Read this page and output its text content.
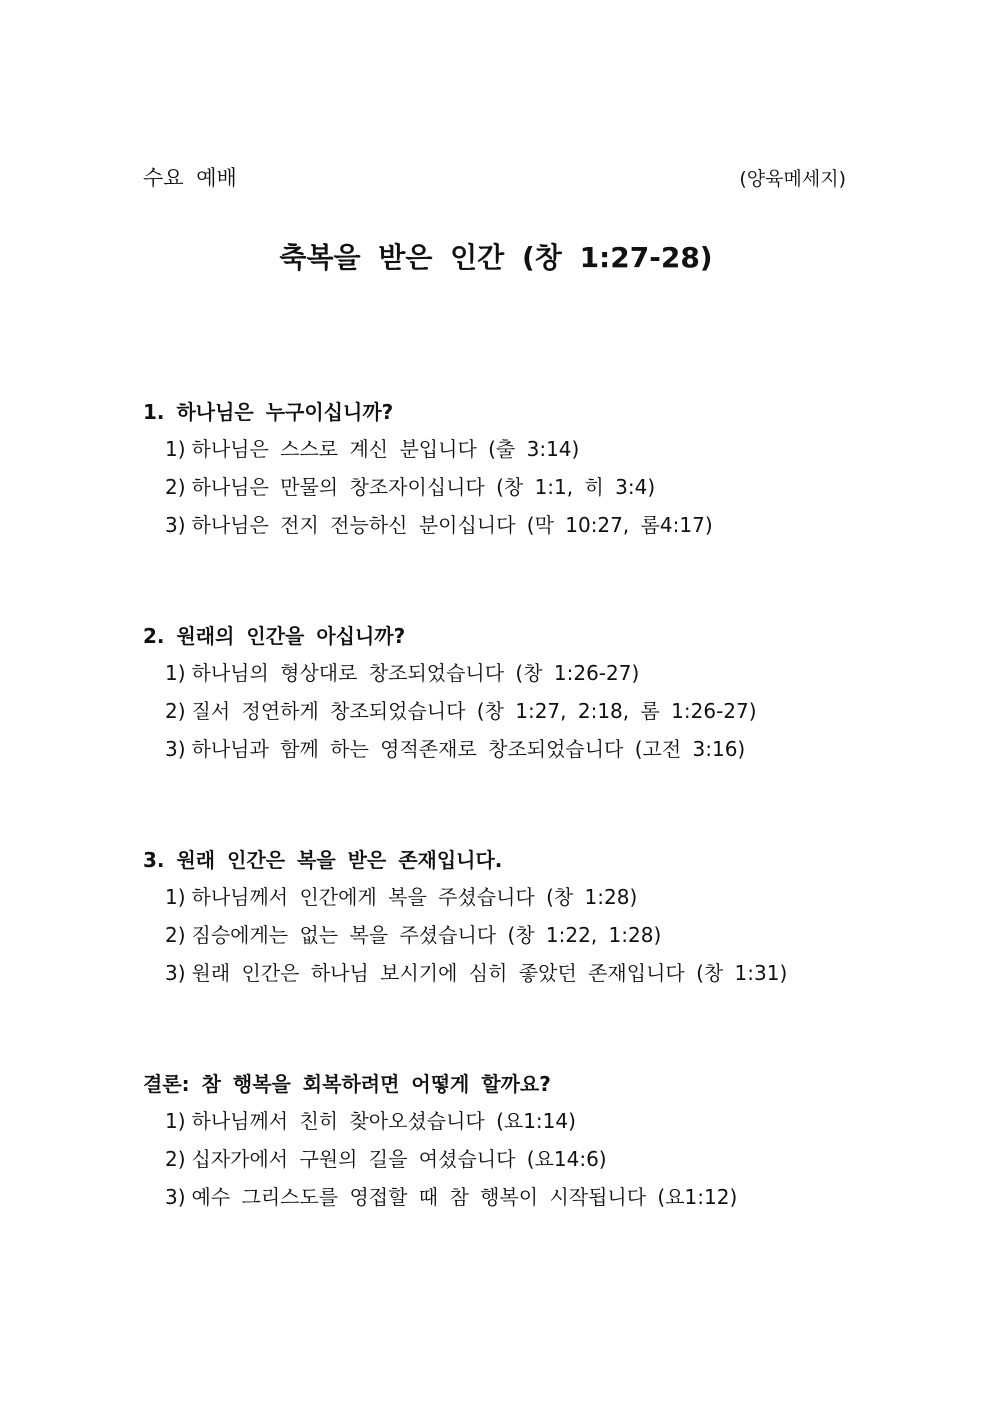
수요 예배	(양육메세지)
축복을 받은 인간 (창 1:27-28)
1. 하나님은 누구이십니까?
1) 하나님은 스스로 계신 분입니다 (출 3:14)
2) 하나님은 만물의 창조자이십니다 (창 1:1, 히 3:4)
3) 하나님은 전지 전능하신 분이십니다 (막 10:27, 롬4:17)
2. 원래의 인간을 아십니까?
1) 하나님의 형상대로 창조되었습니다 (창 1:26-27)
2) 질서 정연하게 창조되었습니다 (창 1:27, 2:18, 롬 1:26-27)
3) 하나님과 함께 하는 영적존재로 창조되었습니다 (고전 3:16)
3. 원래 인간은 복을 받은 존재입니다.
1) 하나님께서 인간에게 복을 주셨습니다 (창 1:28)
2) 짐승에게는 없는 복을 주셨습니다 (창 1:22, 1:28)
3) 원래 인간은 하나님 보시기에 심히 좋았던 존재입니다 (창 1:31)
결론: 참 행복을 회복하려면 어떻게 할까요?
1) 하나님께서 친히 찾아오셨습니다 (요1:14)
2) 십자가에서 구원의 길을 여셨습니다 (요14:6)
3) 예수 그리스도를 영접할 때 참 행복이 시작됩니다 (요1:12)
